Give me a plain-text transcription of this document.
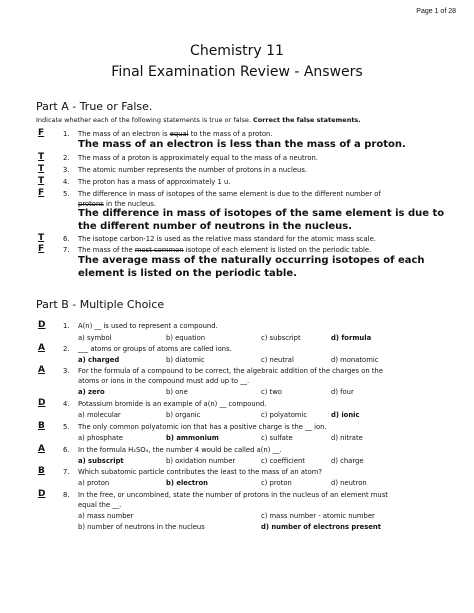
Page 1 of 28
Chemistry 11
Final Examination Review - Answers
Part A - True or False.
Indicate whether each of the following statements is true or false. Correct the false statements.
F	1. The mass of an electron is equal to the mass of a proton.
The mass of an electron is less than the mass of a proton.
T	2. The mass of a proton is approximately equal to the mass of a neutron.
T	3. The atomic number represents the number of protons in a nucleus.
T	4. The proton has a mass of approximately 1 u.
F	5. The difference in mass of isotopes of the same element is due to the different number of
protons in the nucleus.
The difference in mass of isotopes of the same element is due to the different number of neutrons in the nucleus.
T	6. The isotope carbon-12 is used as the relative mass standard for the atomic mass scale.
F	7. The mass of the most common isotope of each element is listed on the periodic table.
The average mass of the naturally occurring isotopes of each element is listed on the periodic table.
Part B - Multiple Choice
D	1. A(n) __ is used to represent a compound.
a) symbol	b) equation	c) subscript	d) formula
A	2. ___ atoms or groups of atoms are called ions.
a) charged	b) diatomic	c) neutral	d) monatomic
A	3. For the formula of a compound to be correct, the algebraic addition of the charges on the
atoms or ions in the compound must add up to __.
a) zero	b) one	c) two	d) four
D	4. Potassium bromide is an example of a(n) __ compound.
a) molecular	b) organic	c) polyatomic	d) ionic
B	5. The only common polyatomic ion that has a positive charge is the __ ion.
a) phosphate	b) ammonium	c) sulfate	d) nitrate
A	6. In the formula H₂SO₄, the number 4 would be called a(n) __.
a) subscript	b) oxidation number	c) coefficient	d) charge
B	7. Which subatomic particle contributes the least to the mass of an atom?
a) proton	b) electron	c) proton	d) neutron
D	8. In the free, or uncombined, state the number of protons in the nucleus of an element must
equal the __.
a) mass number	c) mass number - atomic number
b) number of neutrons in the nucleus	d) number of electrons present
